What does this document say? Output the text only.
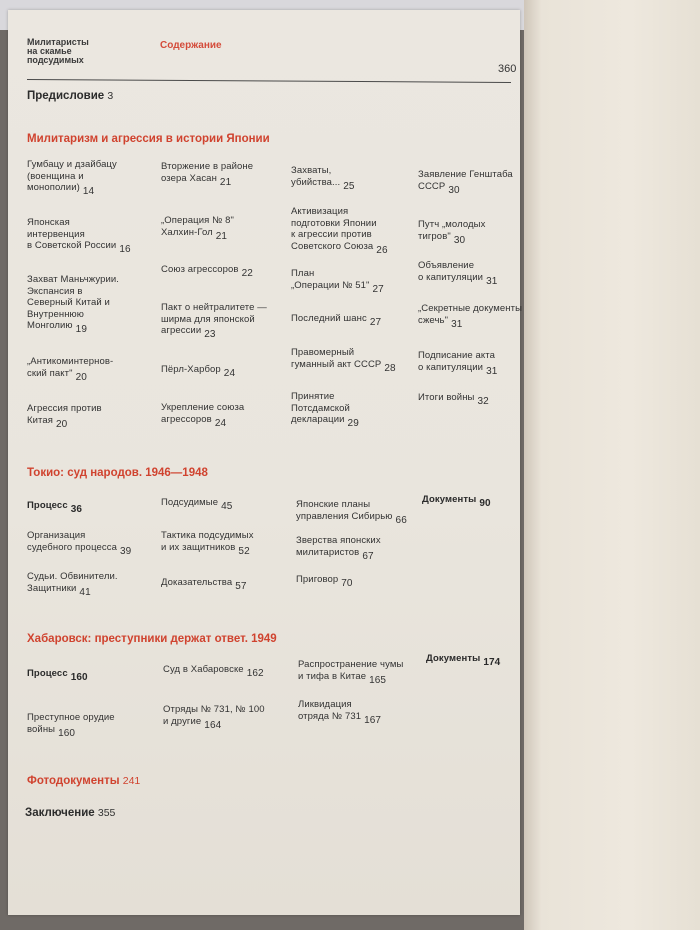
Милитаристы
на скамье
подсудимых
Содержание
360
Предисловие 3
Милитаризм и агрессия в истории Японии
Гумбацу и дзайбацу
(военщина и
монополии) 14
Японская
интервенция
в Советской России 16
Захват Маньчжурии.
Экспансия в
Северный Китай и
Внутреннюю
Монголию 19
„Антикоминтернов-
ский пакт" 20
Агрессия против
Китая 20
Вторжение в районе
озера Хасан 21
„Операция № 8"
Халхин-Гол 21
Союз агрессоров 22
Пакт о нейтралитете —
ширма для японской
агрессии 23
Пёрл-Харбор 24
Укрепление союза
агрессоров 24
Захваты,
убийства... 25
Активизация
подготовки Японии
к агрессии против
Советского Союза 26
План
„Операции № 51" 27
Последний шанс 27
Правомерный
гуманный акт СССР 28
Принятие
Потсдамской
декларации 29
Заявление Генштаба
СССР 30
Путч „молодых
тигров" 30
Объявление
о капитуляции 31
„Секретные документы
сжечь" 31
Подписание акта
о капитуляции 31
Итоги войны 32
Токио: суд народов. 1946—1948
Процесс 36
Организация
судебного процесса 39
Судьи. Обвинители.
Защитники 41
Подсудимые 45
Тактика подсудимых
и их защитников 52
Доказательства 57
Японские планы
управления Сибирью 66
Зверства японских
милитаристов 67
Приговор 70
Документы 90
Хабаровск: преступники держат ответ. 1949
Процесс 160
Преступное орудие
войны 160
Суд в Хабаровске 162
Отряды № 731, № 100
и другие 164
Распространение чумы
и тифа в Китае 165
Ликвидация
отряда № 731 167
Документы 174
Фотодокументы 241
Заключение 355
